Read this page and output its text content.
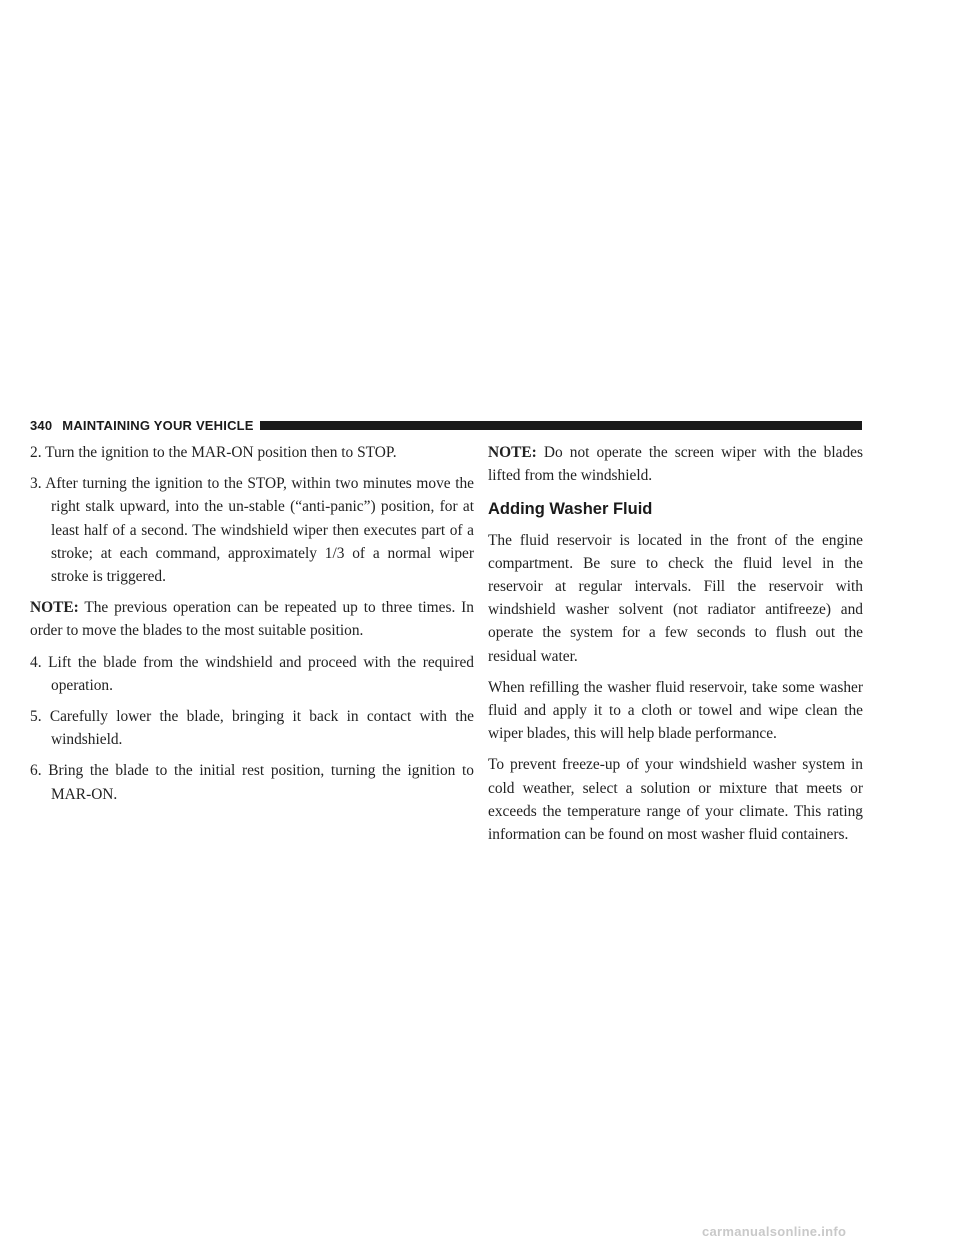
340 MAINTAINING YOUR VEHICLE

2. Turn the ignition to the MAR-ON position then to STOP.

3. After turning the ignition to the STOP, within two minutes move the right stalk upward, into the un-stable (“anti-panic”) position, for at least half of a second. The windshield wiper then executes part of a stroke; at each command, approximately 1/3 of a normal wiper stroke is triggered.

NOTE: The previous operation can be repeated up to three times. In order to move the blades to the most suitable position.

4. Lift the blade from the windshield and proceed with the required operation.

5. Carefully lower the blade, bringing it back in contact with the windshield.

6. Bring the blade to the initial rest position, turning the ignition to MAR-ON.

NOTE: Do not operate the screen wiper with the blades lifted from the windshield.

Adding Washer Fluid

The fluid reservoir is located in the front of the engine compartment. Be sure to check the fluid level in the reservoir at regular intervals. Fill the reservoir with windshield washer solvent (not radiator antifreeze) and operate the system for a few seconds to flush out the residual water.

When refilling the washer fluid reservoir, take some washer fluid and apply it to a cloth or towel and wipe clean the wiper blades, this will help blade performance.

To prevent freeze-up of your windshield washer system in cold weather, select a solution or mixture that meets or exceeds the temperature range of your climate. This rating information can be found on most washer fluid containers.

carmanualsonline.info
